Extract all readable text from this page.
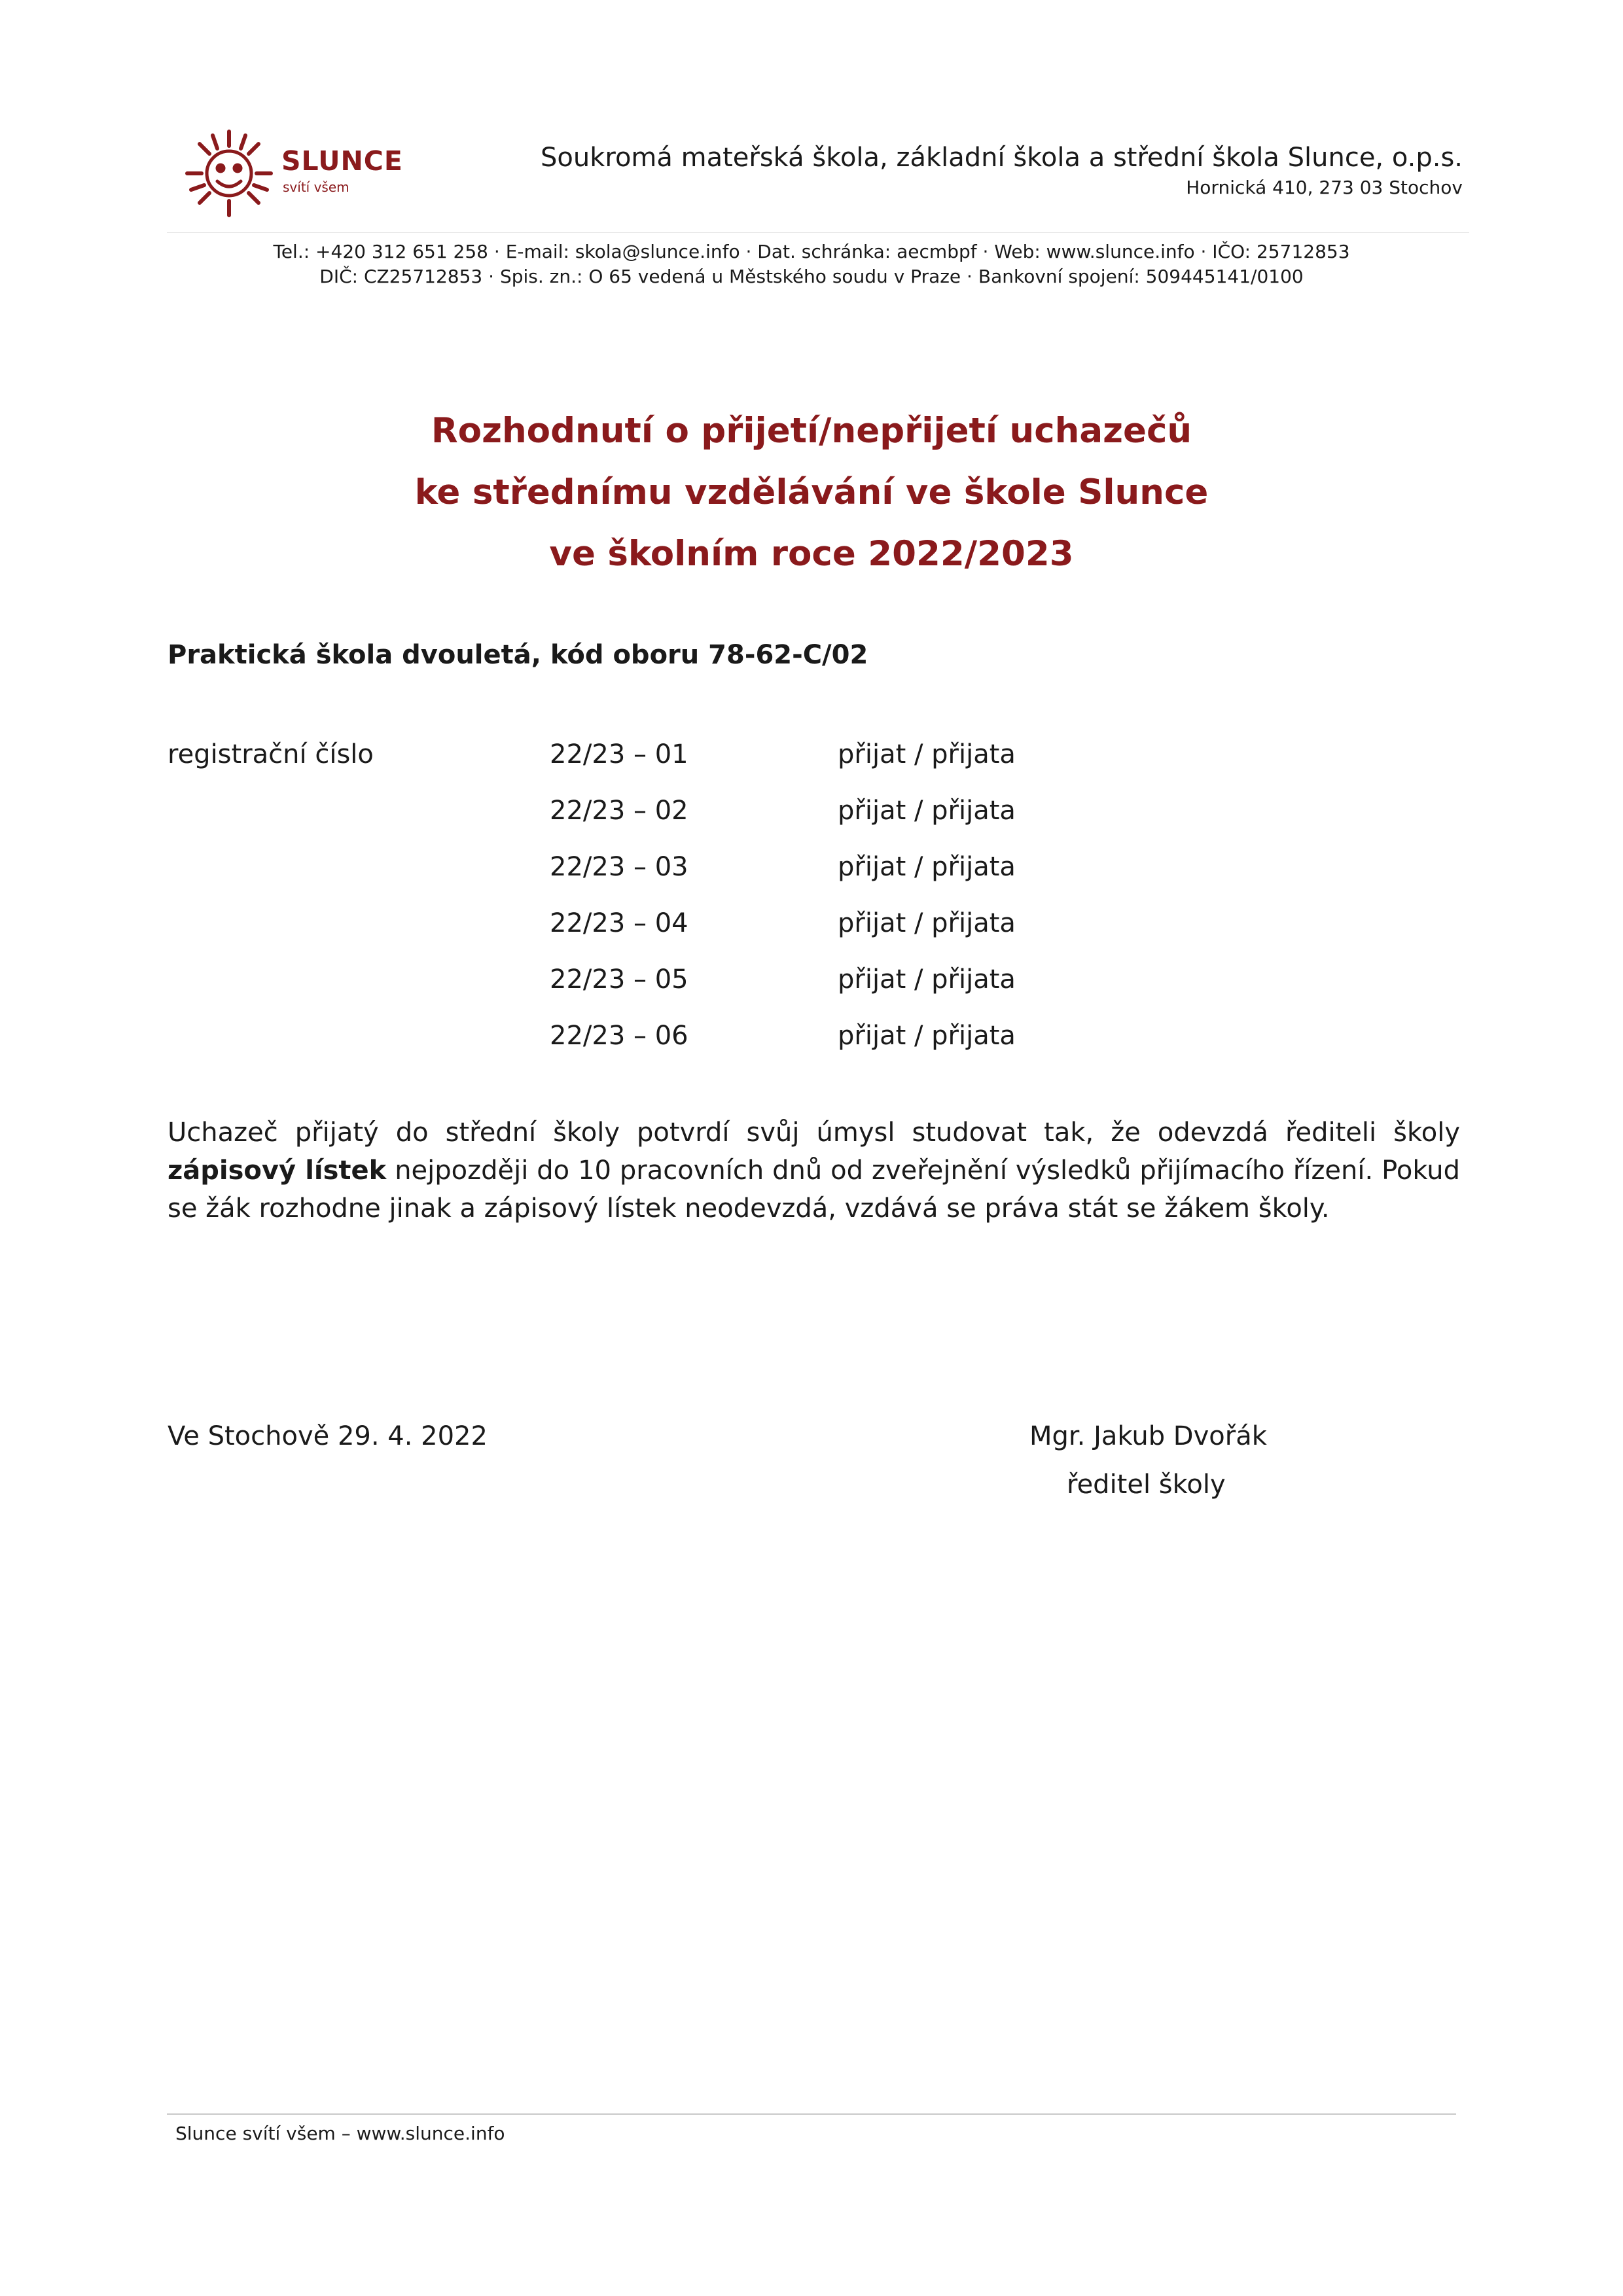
SLUNCE
svítí všem
Soukromá mateřská škola, základní škola a střední škola Slunce, o.p.s.
Hornická 410, 273 03 Stochov
Tel.: +420 312 651 258 · E-mail: skola@slunce.info · Dat. schránka: aecmbpf · Web: www.slunce.info · IČO: 25712853
DIČ: CZ25712853 · Spis. zn.: O 65 vedená u Městského soudu v Praze · Bankovní spojení: 509445141/0100
Rozhodnutí o přijetí/nepřijetí uchazečů
ke střednímu vzdělávání ve škole Slunce
ve školním roce 2022/2023
Praktická škola dvouletá, kód oboru 78-62-C/02
registrační číslo	22/23 – 01	přijat / přijata
22/23 – 02	přijat / přijata
22/23 – 03	přijat / přijata
22/23 – 04	přijat / přijata
22/23 – 05	přijat / přijata
22/23 – 06	přijat / přijata
Uchazeč přijatý do střední školy potvrdí svůj úmysl studovat tak, že odevzdá řediteli školy zápisový lístek nejpozději do 10 pracovních dnů od zveřejnění výsledků přijímacího řízení. Pokud se žák rozhodne jinak a zápisový lístek neodevzdá, vzdává se práva stát se žákem školy.
Ve Stochově 29. 4. 2022	Mgr. Jakub Dvořák
ředitel školy
Slunce svítí všem – www.slunce.info
